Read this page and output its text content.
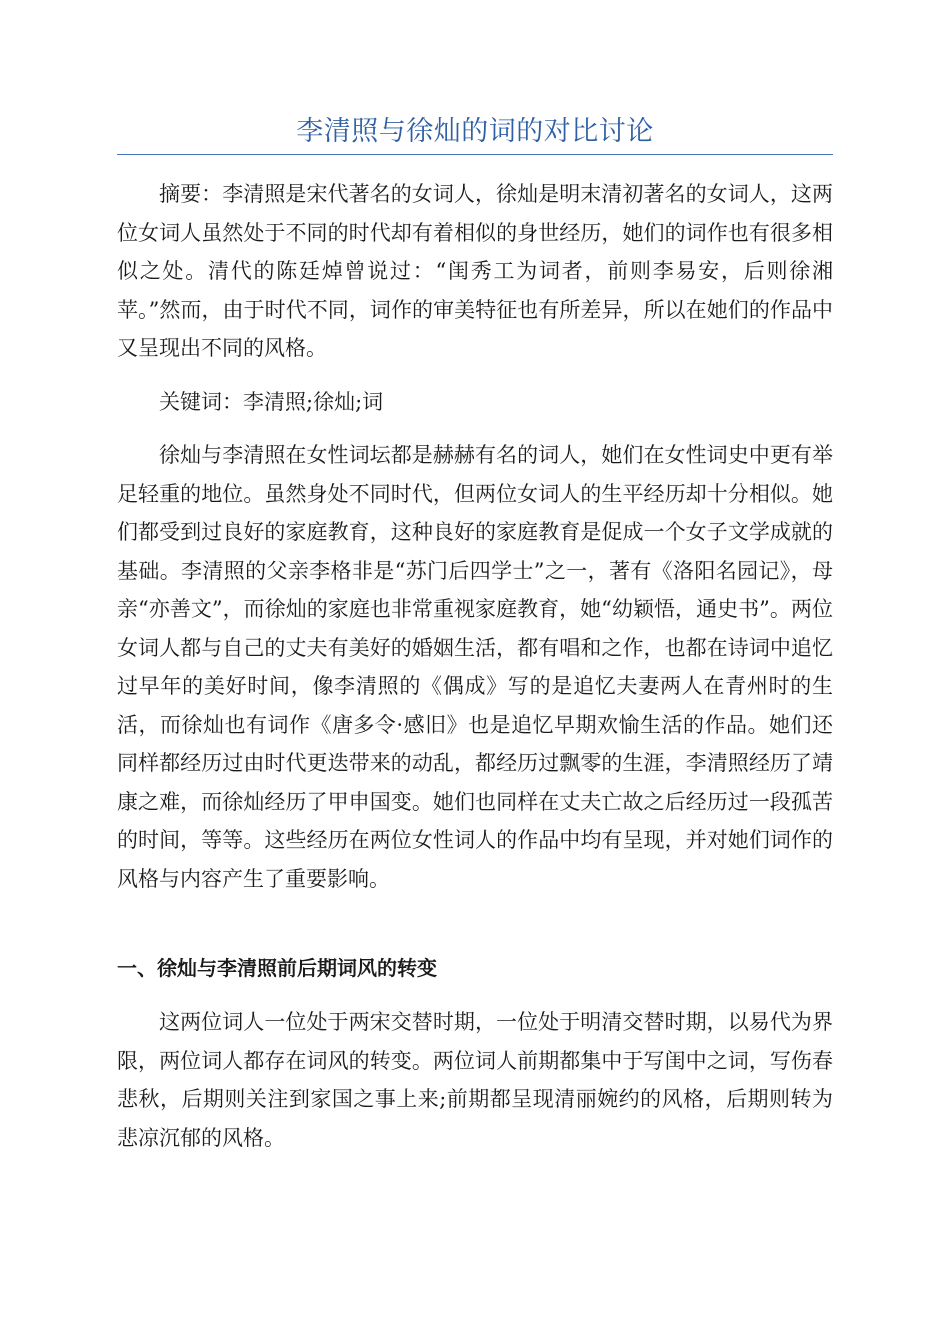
李清照与徐灿的词的对比讨论

摘要：李清照是宋代著名的女词人，徐灿是明末清初著名的女词人，这两位女词人虽然处于不同的时代却有着相似的身世经历，她们的词作也有很多相似之处。清代的陈廷焯曾说过：“闺秀工为词者，前则李易安，后则徐湘苹。”然而，由于时代不同，词作的审美特征也有所差异，所以在她们的作品中又呈现出不同的风格。

关键词：李清照;徐灿;词

徐灿与李清照在女性词坛都是赫赫有名的词人，她们在女性词史中更有举足轻重的地位。虽然身处不同时代，但两位女词人的生平经历却十分相似。她们都受到过良好的家庭教育，这种良好的家庭教育是促成一个女子文学成就的基础。李清照的父亲李格非是“苏门后四学士”之一，著有《洛阳名园记》，母亲“亦善文”，而徐灿的家庭也非常重视家庭教育，她“幼颖悟，通史书”。两位女词人都与自己的丈夫有美好的婚姻生活，都有唱和之作，也都在诗词中追忆过早年的美好时间，像李清照的《偶成》写的是追忆夫妻两人在青州时的生活，而徐灿也有词作《唐多令·感旧》也是追忆早期欢愉生活的作品。她们还同样都经历过由时代更迭带来的动乱，都经历过飘零的生涯，李清照经历了靖康之难，而徐灿经历了甲申国变。她们也同样在丈夫亡故之后经历过一段孤苦的时间，等等。这些经历在两位女性词人的作品中均有呈现，并对她们词作的风格与内容产生了重要影响。

一、徐灿与李清照前后期词风的转变

这两位词人一位处于两宋交替时期，一位处于明清交替时期，以易代为界限，两位词人都存在词风的转变。两位词人前期都集中于写闺中之词，写伤春悲秋，后期则关注到家国之事上来;前期都呈现清丽婉约的风格，后期则转为悲凉沉郁的风格。
